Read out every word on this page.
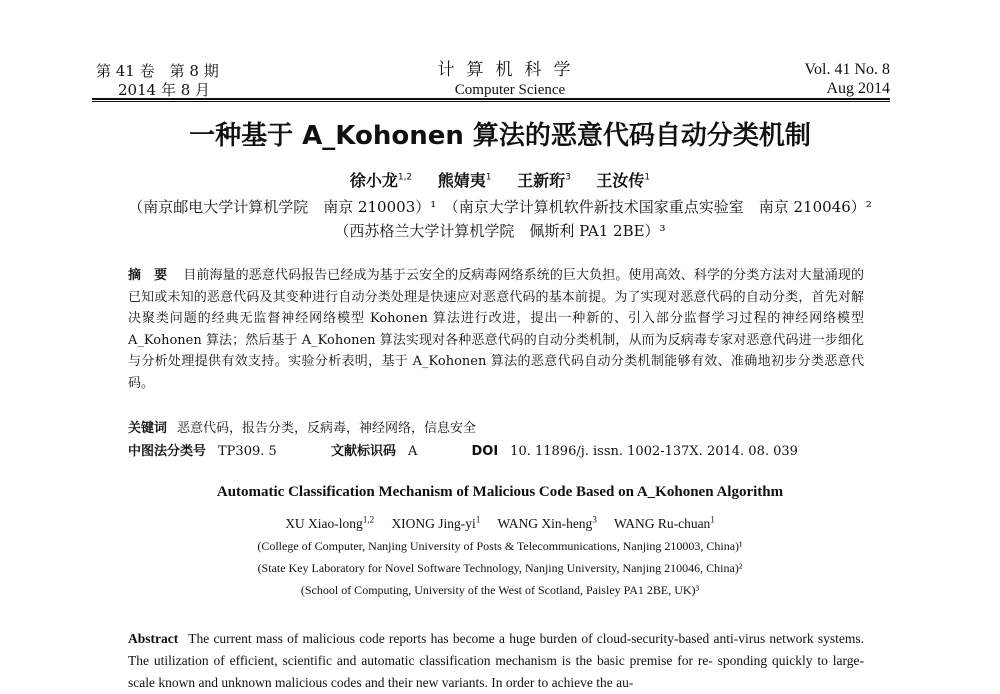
第 41 卷　第 8 期
2014 年 8 月
计算机科学
Computer Science
Vol. 41 No. 8
Aug 2014
一种基于 A_Kohonen 算法的恶意代码自动分类机制
徐小龙$^{1,2}$ 熊婧夷$^1$ 王新珩$^3$ 王汝传$^1$
（南京邮电大学计算机学院　南京 210003）¹　（南京大学计算机软件新技术国家重点实验室　南京 210046）²
（西苏格兰大学计算机学院　佩斯利 PA1 2BE）³
摘　要 目前海量的恶意代码报告已经成为基于云安全的反病毒网络系统的巨大负担。使用高效、科学的分类方法对大量涌现的已知或未知的恶意代码及其变种进行自动分类处理是快速应对恶意代码的基本前提。为了实现对恶意代码的自动分类，首先对解决聚类问题的经典无监督神经网络模型 Kohonen 算法进行改进，提出一种新的、引入部分监督学习过程的神经网络模型 A_Kohonen 算法；然后基于 A_Kohonen 算法实现对各种恶意代码的自动分类机制，从而为反病毒专家对恶意代码进一步细化与分析处理提供有效支持。实验分析表明，基于 A_Kohonen 算法的恶意代码自动分类机制能够有效、准确地初步分类恶意代码。
关键词 恶意代码，报告分类，反病毒，神经网络，信息安全
中图法分类号 TP309. 5	文献标识码 A	DOI 10. 11896/j. issn. 1002-137X. 2014. 08. 039
Automatic Classification Mechanism of Malicious Code Based on A_Kohonen Algorithm
XU Xiao-long$^{1,2}$ XIONG Jing-$yi^1$ WANG Xin-heng$^3$ WANG Ru-chuan$^1$
(College of Computer, Nanjing University of Posts & Telecommunications, Nanjing 210003, China)¹
(State Key Laboratory for Novel Software Technology, Nanjing University, Nanjing 210046, China)²
(School of Computing, University of the West of Scotland, Paisley PA1 2BE, UK)³
Abstract The current mass of malicious code reports has become a huge burden of cloud-security-based anti-virus network systems. The utilization of efficient, scientific and automatic classification mechanism is the basic premise for re- sponding quickly to large-scale known and unknown malicious codes and their new variants. In order to achieve the au-
